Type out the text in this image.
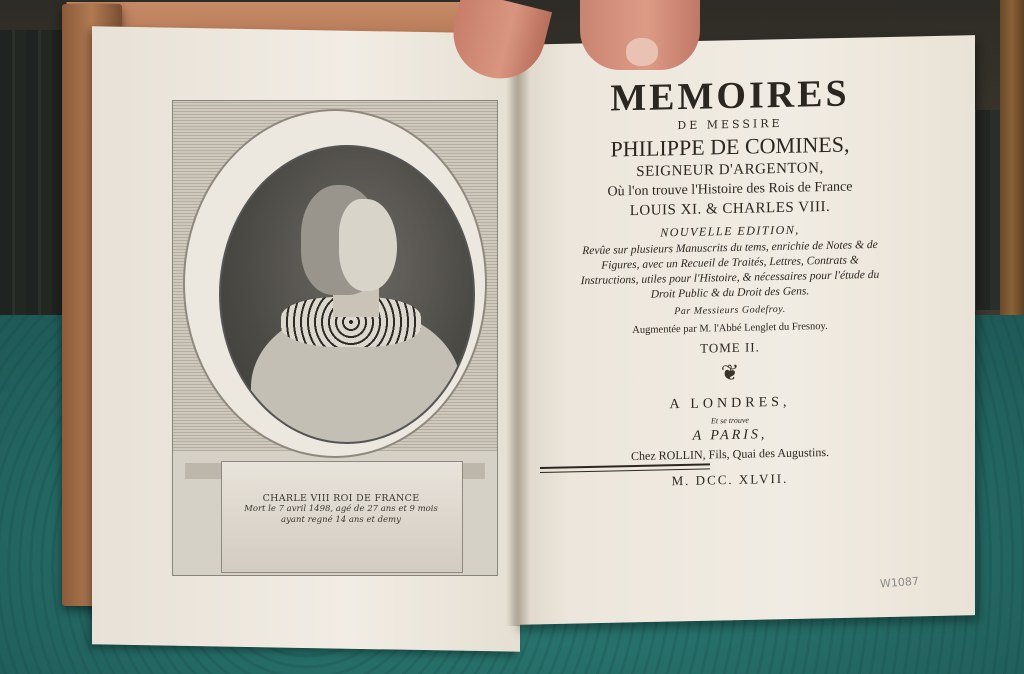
CHARLE VIII ROI DE FRANCE
Mort le 7 avril 1498, agé de 27 ans et 9 mois
ayant regné 14 ans et demy
MEMOIRES
DE MESSIRE
PHILIPPE DE COMINES,
SEIGNEUR D'ARGENTON,
Où l'on trouve l'Histoire des Rois de France
LOUIS XI. & CHARLES VIII.
NOUVELLE EDITION,
Revûe sur plusieurs Manuscrits du tems, enrichie de Notes & de Figures, avec un Recueil de Traités, Lettres, Contrats & Instructions, utiles pour l'Histoire, & nécessaires pour l'étude du Droit Public & du Droit des Gens.
Par Messieurs Godefroy.
Augmentée par M. l'Abbé Lenglet du Fresnoy.
TOME II.
❦
A LONDRES,
Et se trouve
A PARIS,
Chez ROLLIN, Fils, Quai des Augustins.
M. DCC. XLVII.
W1087
